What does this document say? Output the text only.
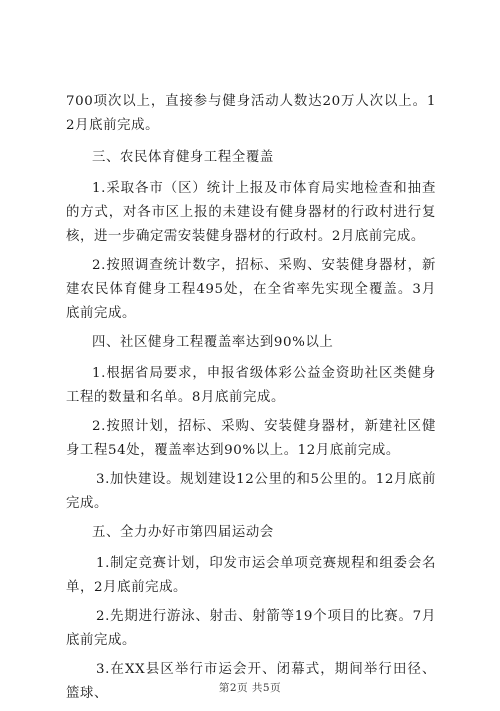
700项次以上，直接参与健身活动人数达20万人次以上。12月底前完成。

三、农民体育健身工程全覆盖

1.采取各市（区）统计上报及市体育局实地检查和抽查的方式，对各市区上报的未建设有健身器材的行政村进行复核，进一步确定需安装健身器材的行政村。2月底前完成。

2.按照调查统计数字，招标、采购、安装健身器材，新建农民体育健身工程495处，在全省率先实现全覆盖。3月底前完成。

四、社区健身工程覆盖率达到90%以上

1.根据省局要求，申报省级体彩公益金资助社区类健身工程的数量和名单。8月底前完成。

2.按照计划，招标、采购、安装健身器材，新建社区健身工程54处，覆盖率达到90%以上。12月底前完成。

3.加快建设。规划建设12公里的和5公里的。12月底前完成。

五、全力办好市第四届运动会

1.制定竞赛计划，印发市运会单项竞赛规程和组委会名单，2月底前完成。

2.先期进行游泳、射击、射箭等19个项目的比赛。7月底前完成。

3.在XX县区举行市运会开、闭幕式，期间举行田径、篮球、	第2页 共5页
